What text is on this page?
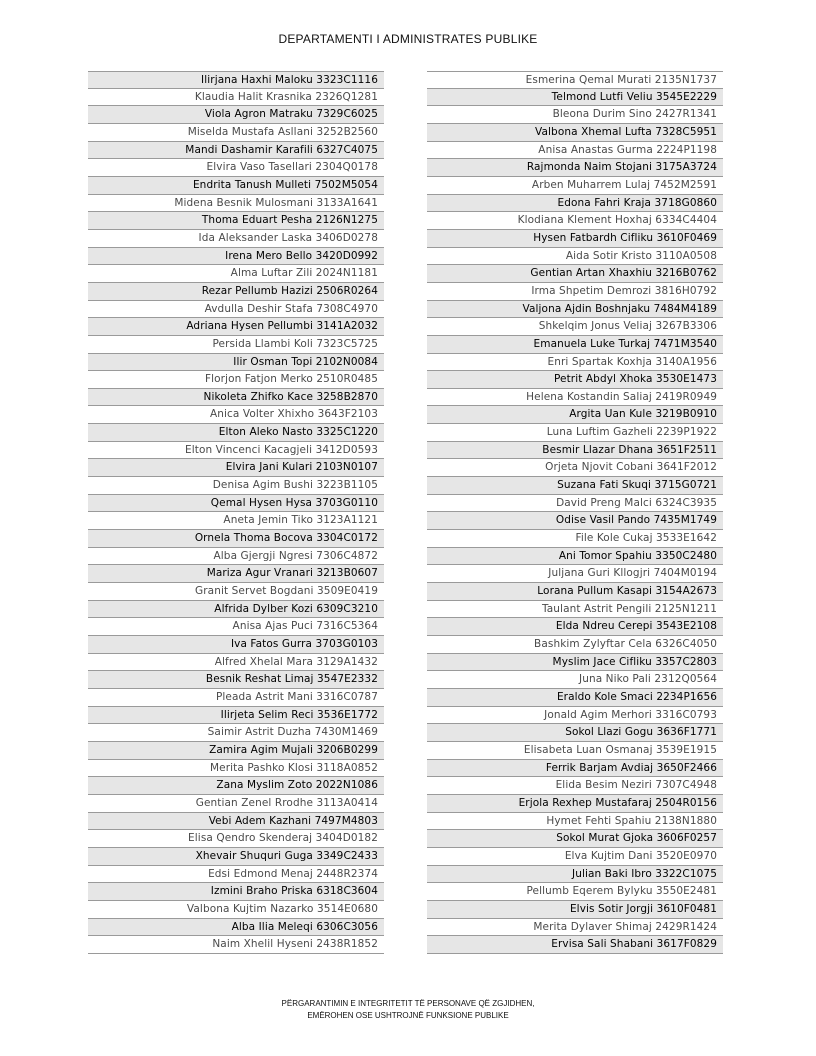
DEPARTAMENTI I ADMINISTRATES PUBLIKE
Ilirjana Haxhi Maloku 3323C1116
Klaudia Halit Krasnika 2326Q1281
Viola Agron Matraku 7329C6025
Miselda Mustafa Asllani 3252B2560
Mandi Dashamir Karafili 6327C4075
Elvira Vaso Tasellari 2304Q0178
Endrita Tanush Mulleti 7502M5054
Midena Besnik Mulosmani 3133A1641
Thoma Eduart Pesha 2126N1275
Ida Aleksander Laska 3406D0278
Irena Mero Bello 3420D0992
Alma Luftar Zili 2024N1181
Rezar Pellumb Hazizi 2506R0264
Avdulla Deshir Stafa 7308C4970
Adriana Hysen Pellumbi 3141A2032
Persida Llambi Koli 7323C5725
Ilir Osman Topi 2102N0084
Florjon Fatjon Merko 2510R0485
Nikoleta Zhifko Kace 3258B2870
Anica Volter Xhixho 3643F2103
Elton Aleko Nasto 3325C1220
Elton Vincenci Kacagjeli 3412D0593
Elvira Jani Kulari 2103N0107
Denisa Agim Bushi 3223B1105
Qemal Hysen Hysa 3703G0110
Aneta Jemin Tiko 3123A1121
Ornela Thoma Bocova 3304C0172
Alba Gjergji Ngresi 7306C4872
Mariza Agur Vranari 3213B0607
Granit Servet Bogdani 3509E0419
Alfrida Dylber Kozi 6309C3210
Anisa Ajas Puci 7316C5364
Iva Fatos Gurra 3703G0103
Alfred Xhelal Mara 3129A1432
Besnik Reshat Limaj 3547E2332
Pleada Astrit Mani 3316C0787
Ilirjeta Selim Reci 3536E1772
Saimir Astrit Duzha 7430M1469
Zamira Agim Mujali 3206B0299
Merita Pashko Klosi 3118A0852
Zana Myslim Zoto 2022N1086
Gentian Zenel Rrodhe 3113A0414
Vebi Adem Kazhani 7497M4803
Elisa Qendro Skenderaj 3404D0182
Xhevair Shuquri Guga 3349C2433
Edsi Edmond Menaj 2448R2374
Izmini Braho Priska 6318C3604
Valbona Kujtim Nazarko 3514E0680
Alba Ilia Meleqi 6306C3056
Naim Xhelil Hyseni 2438R1852
Esmerina Qemal Murati 2135N1737
Telmond Lutfi Veliu 3545E2229
Bleona Durim Sino 2427R1341
Valbona Xhemal Lufta 7328C5951
Anisa Anastas Gurma 2224P1198
Rajmonda Naim Stojani 3175A3724
Arben Muharrem Lulaj 7452M2591
Edona Fahri Kraja 3718G0860
Klodiana Klement Hoxhaj 6334C4404
Hysen Fatbardh Cifliku 3610F0469
Aida Sotir Kristo 3110A0508
Gentian Artan Xhaxhiu 3216B0762
Irma Shpetim Demrozi 3816H0792
Valjona Ajdin Boshnjaku 7484M4189
Shkelqim Jonus Veliaj 3267B3306
Emanuela Luke Turkaj 7471M3540
Enri Spartak Koxhja 3140A1956
Petrit Abdyl Xhoka 3530E1473
Helena Kostandin Saliaj 2419R0949
Argita Uan Kule 3219B0910
Luna Luftim Gazheli 2239P1922
Besmir Llazar Dhana 3651F2511
Orjeta Njovit Cobani 3641F2012
Suzana Fati Skuqi 3715G0721
David Preng Malci 6324C3935
Odise Vasil Pando 7435M1749
File Kole Cukaj 3533E1642
Ani Tomor Spahiu 3350C2480
Juljana Guri Kllogjri 7404M0194
Lorana Pullum Kasapi 3154A2673
Taulant Astrit Pengili 2125N1211
Elda Ndreu Cerepi 3543E2108
Bashkim Zylyftar Cela 6326C4050
Myslim Jace Cifliku 3357C2803
Juna Niko Pali 2312Q0564
Eraldo Kole Smaci 2234P1656
Jonald Agim Merhori 3316C0793
Sokol Llazi Gogu 3636F1771
Elisabeta Luan Osmanaj 3539E1915
Ferrik Barjam Avdiaj 3650F2466
Elida Besim Neziri 7307C4948
Erjola Rexhep Mustafaraj 2504R0156
Hymet Fehti Spahiu 2138N1880
Sokol Murat Gjoka 3606F0257
Elva Kujtim Dani 3520E0970
Julian Baki Ibro 3322C1075
Pellumb Eqerem Bylyku 3550E2481
Elvis Sotir Jorgji 3610F0481
Merita Dylaver Shimaj 2429R1424
Ervisa Sali Shabani 3617F0829
PËRGARANTIMIN E INTEGRITETIT TË PERSONAVE QË ZGJIDHEN,
EMËROHEN OSE USHTROJNË FUNKSIONE PUBLIKE
